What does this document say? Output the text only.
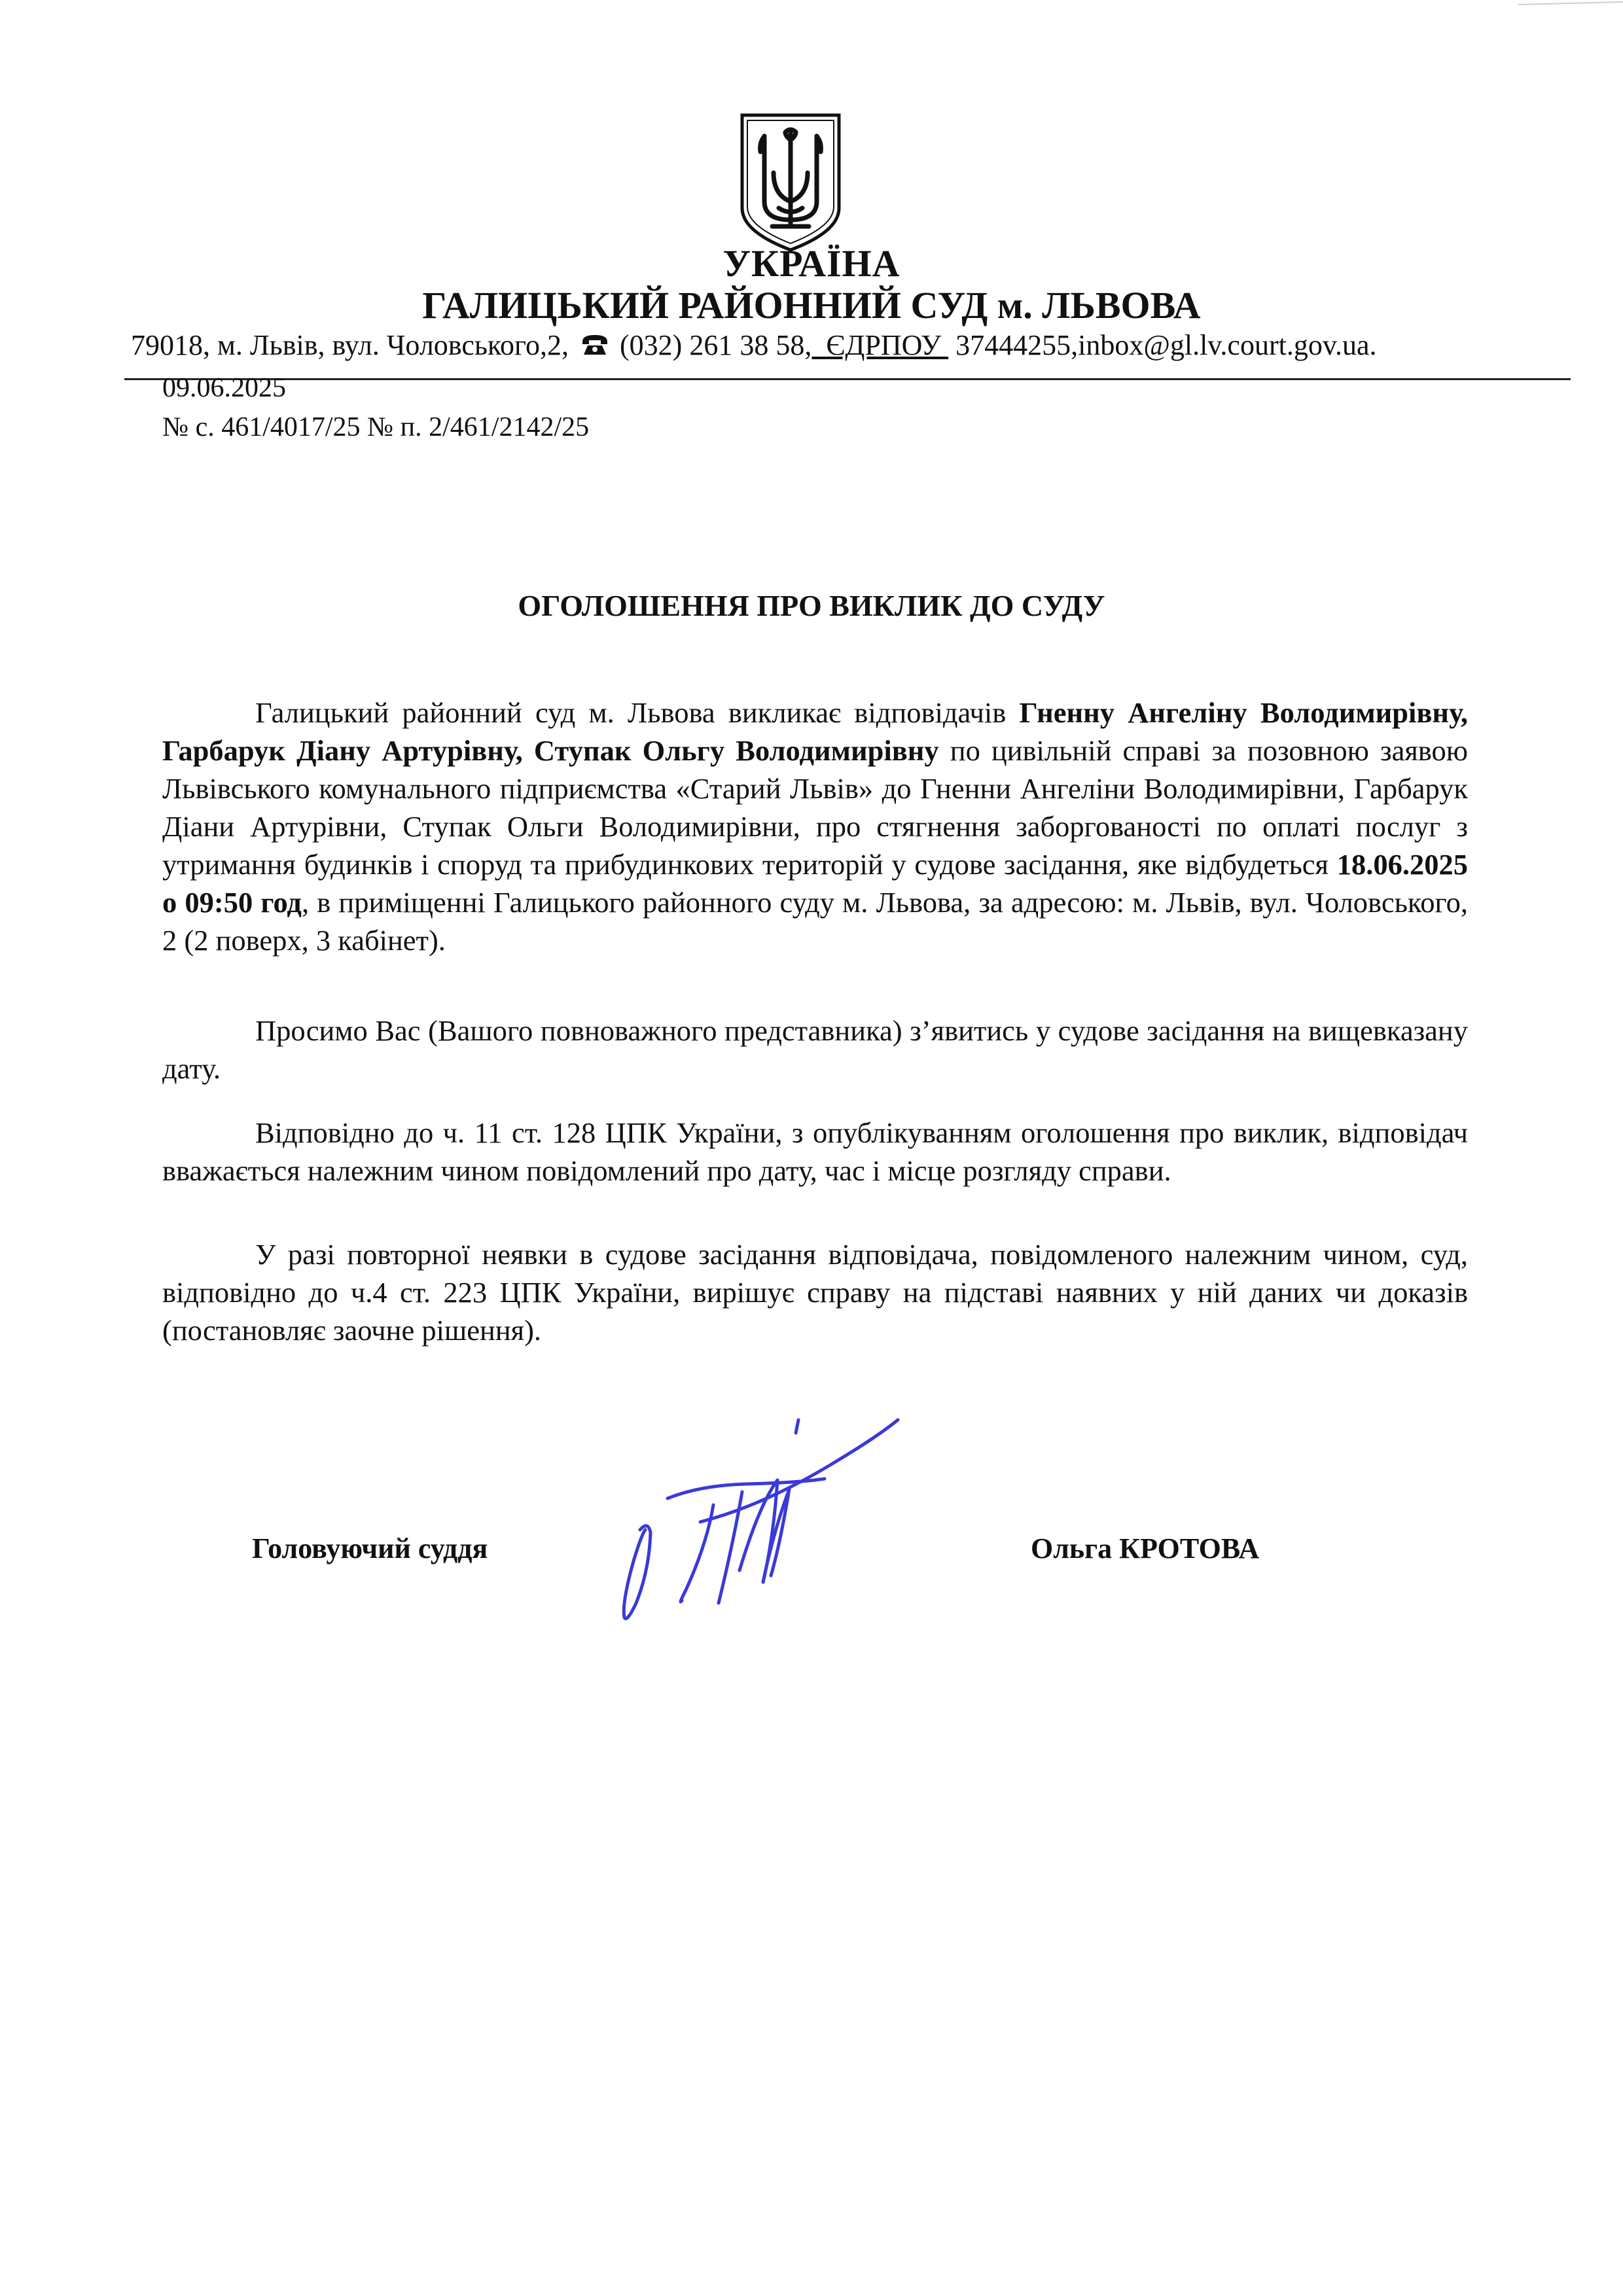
УКРАЇНА
ГАЛИЦЬКИЙ РАЙОННИЙ СУД м. ЛЬВОВА
79018, м. Львів, вул. Чоловського,2, (032) 261 38 58,  ЄДРПОУ 37444255,inbox@gl.lv.court.gov.ua.
09.06.2025
№ с. 461/4017/25 № п. 2/461/2142/25
ОГОЛОШЕННЯ ПРО ВИКЛИК ДО СУДУ

Галицький районний суд м. Львова викликає відповідачів Гненну Ангеліну Володимирівну, Гарбарук Діану Артурівну, Ступак Ольгу Володимирівну по цивільній справі за позовною заявою Львівського комунального підприємства «Старий Львів» до Гненни Ангеліни Володимирівни, Гарбарук Діани Артурівни, Ступак Ольги Володимирівни, про стягнення заборгованості по оплаті послуг з утримання будинків і споруд та прибудинкових територій у судове засідання, яке відбудеться 18.06.2025 о 09:50 год, в приміщенні Галицького районного суду м. Львова, за адресою: м. Львів, вул. Чоловського, 2 (2 поверх, 3 кабінет).

Просимо Вас (Вашого повноважного представника) з’явитись у судове засідання на вищевказану дату.

Відповідно до ч. 11 ст. 128 ЦПК України, з опублікуванням оголошення про виклик, відповідач вважається належним чином повідомлений про дату, час і місце розгляду справи.

У разі повторної неявки в судове засідання відповідача, повідомленого належним чином, суд, відповідно до ч.4 ст. 223 ЦПК України, вирішує справу на підставі наявних у ній даних чи доказів (постановляє заочне рішення).

Головуючий суддя	Ольга КРОТОВА
